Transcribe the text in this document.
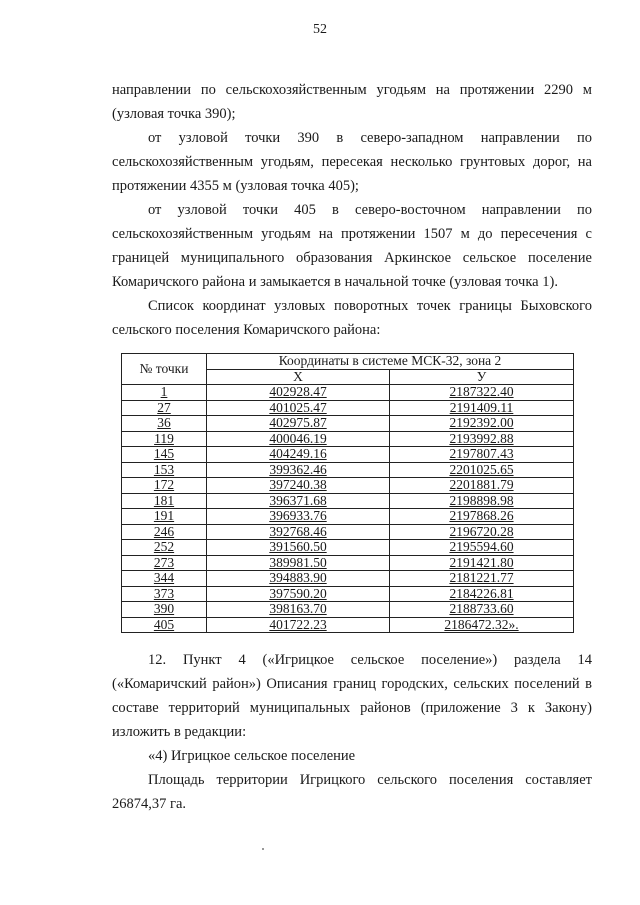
52

направлении по сельскохозяйственным угодьям на протяжении 2290 м (узловая точка 390);

от узловой точки 390 в северо-западном направлении по сельскохозяйственным угодьям, пересекая несколько грунтовых дорог, на протяжении 4355 м (узловая точка 405);

от узловой точки 405 в северо-восточном направлении по сельскохозяйственным угодьям на протяжении 1507 м до пересечения с границей муниципального образования Аркинское сельское поселение Комаричского района и замыкается в начальной точке (узловая точка 1).

Список координат узловых поворотных точек границы Быховского сельского поселения Комаричского района:

№ точки	Координаты в системе МСК-32, зона 2	
	X	У
1	402928.47	2187322.40
27	401025.47	2191409.11
36	402975.87	2192392.00
119	400046.19	2193992.88
145	404249.16	2197807.43
153	399362.46	2201025.65
172	397240.38	2201881.79
181	396371.68	2198898.98
191	396933.76	2197868.26
246	392768.46	2196720.28
252	391560.50	2195594.60
273	389981.50	2191421.80
344	394883.90	2181221.77
373	397590.20	2184226.81
390	398163.70	2188733.60
405	401722.23	2186472.32».

12. Пункт 4 («Игрицкое сельское поселение») раздела 14 («Комаричский район») Описания границ городских, сельских поселений в составе территорий муниципальных районов (приложение 3 к Закону) изложить в редакции:

«4) Игрицкое сельское поселение

Площадь территории Игрицкого сельского поселения составляет 26874,37 га.
